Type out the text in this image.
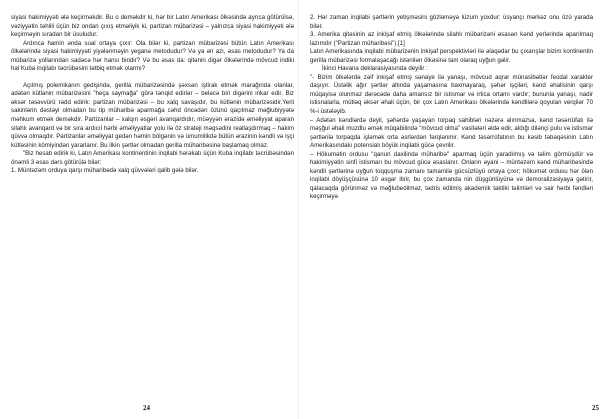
siyasi hakimiyyəti ələ keçirməkdir. Bu o deməkdir ki, hər bir Latın Amerikası ölkəsində ayrıca götürülsə, vəziyyətin təhlili üçün biz ondan çıxış etməliyik ki, partizan mübarizəsi – yalnızca siyasi hakimiyyəti ələ keçirməyin sıradan bir üsuludur.

Ardınca hamin ənda sual ortaya çıxır: Ola bilər ki, partizan mübarizəsi bütün Latın Amerikası ölkələrində siyasi hakimiyyəti yiyələnməyin yeganə metodudur? Və ya ən azı, əsas metodudur? Ya da mübarizə yollarından sadəcə hər hansı biridir? Və bu əsas da: qitənin digər ölkələrində mövcud indiki hal Kuba inqilabı təcrübəsini tətbiq etmək olarmı?

Açılmış polemikanın gedişində, gerilla mübarizəsində şəxsən iştirak etmək marağında olanlar, adətən kütlənin mübarizəsini "heça saymağa" görə tənqid edirlər – beləcə biri digərini inkar edir. Biz əksər təsəvvürü rədd edirik: partizan mübarizəsi – bu xalq savaşıdır, bu kütlənin mübarizəsidir.Yerli sakinlərin dəstəyi olmadan bu tip müharibə aparmağa cəhd öncədən özünü qaçılmaz məğlubiyyətə məhkum etmək deməkdir. Partizanlar – xalqın əsgəri avanqardıdır, müəyyən ərazidə əməliyyat aparan silahlı avanqard və bir sıra ardıcıl hərbi əməliyyatlar yolu ilə öz strateji məqsədini reallaşdırmaq – hakim qüvvə olmaqdır. Partizanlar əməliyyat gedən həmin bölgənin və ümumilikdə bütün ərazinin kəndli və işçi kütləsinin kömiyindən yararlanır. Bu ilkin şərtlər olmadan gerilla müharibəsinə başlamaq olmaz.

"Biz hesab edirik ki, Latın Amerikası kontinentinin inqilabi hərəkatı üçün Kuba inqilabı təcrübəsindən önəmli 3 əsas dərs götürülə bilər:

1. Müntəzəm orduya qarşı müharibədə xalq qüvvələri qalib gələ bilər.

24

2. Hər zaman inqilabi şərtlərin yetişməsini gözləməyə lüzum yoxdur: üsyançı mərkəz onu özü yarada bilər.

3. Amerika qitəsinin az inkişaf etmiş ölkələrində silahlı mübarizəni əsasən kənd yerlərində aparılmaq lazımdır ("Partizan müharibəsi").[1]

Latın Amerikasında inqilabi mübarizənin inkişaf perspektivləri ilə əlaqədar bu çıxarışlar bizim kontinentin gerilla mübarizəsi formalaşacağı istənilən ölkəsinə tam olaraq uyğun gəlir.

İkinci Havana deklarasiyasında deyilir :

"- Bizim ölkələrdə zəif inkişaf etmiş sənaye ilə yanaşı, mövcud aqrar münasibətlər feodal xarakter daşıyır. Üstəlik ağır şərtlər altında yaşamasına baxmayaraq, şəhər işçiləri, kənd əhalisinin qarşı müqayisə olunmaz dərəcədə daha amansız bir istismar və irtica ortamı vardır; bununla yanaşı, nadir istisnalarla, mütləq əksər əhali üçün, bir çox Latın Amerikası ölkələrində kəndlilərə qoyulan verqilər 70 %-i üstələyib.

– Adətən kəndlərdə deyil, şəhərdə yaşayan torpaq sahibləri nəzərə alınmazsa, kənd təsərrüfatı ilə məşğul əhali muzdlu əmək müqabilində "mövcud olma" vasitələri əldə edir, aldığı dilənçi pulu və istismar şərtlərilə torpaqda işləmək orta əsrlərdən fərqlənmir. Kənd təsərrüfatının bu kəsib təbəqəsinin Latın Amerikasındakı potensialı böyük inqilabi gücə çevrilir.

– Hökumətin ordusu "qanun daxilində müharibə" aparmaq üçün yaradılmış və təlim görmüşdür və hakimiyyətin sinfi istismarı bu mövcud gücə əsaslanır. Onların əyani – müntəzəm kənd müharibəsində kəndli şərtlərinə uyğun toqquşma zamanı tamamilə gücsüzlüyü ortaya çıxır; hökumət ordusu hər ölən inqilabi döyüşçüsünə 10 əsgər itirir, bu çox zamanda nin düşgünlüyünə və demoralizasiyaya gətirir, qalacaqda görünməz və məğlubedilməz, tədris edilmiş akademik taktiki təlimləri və sair hərbi fəndləri keçirməyə

25
